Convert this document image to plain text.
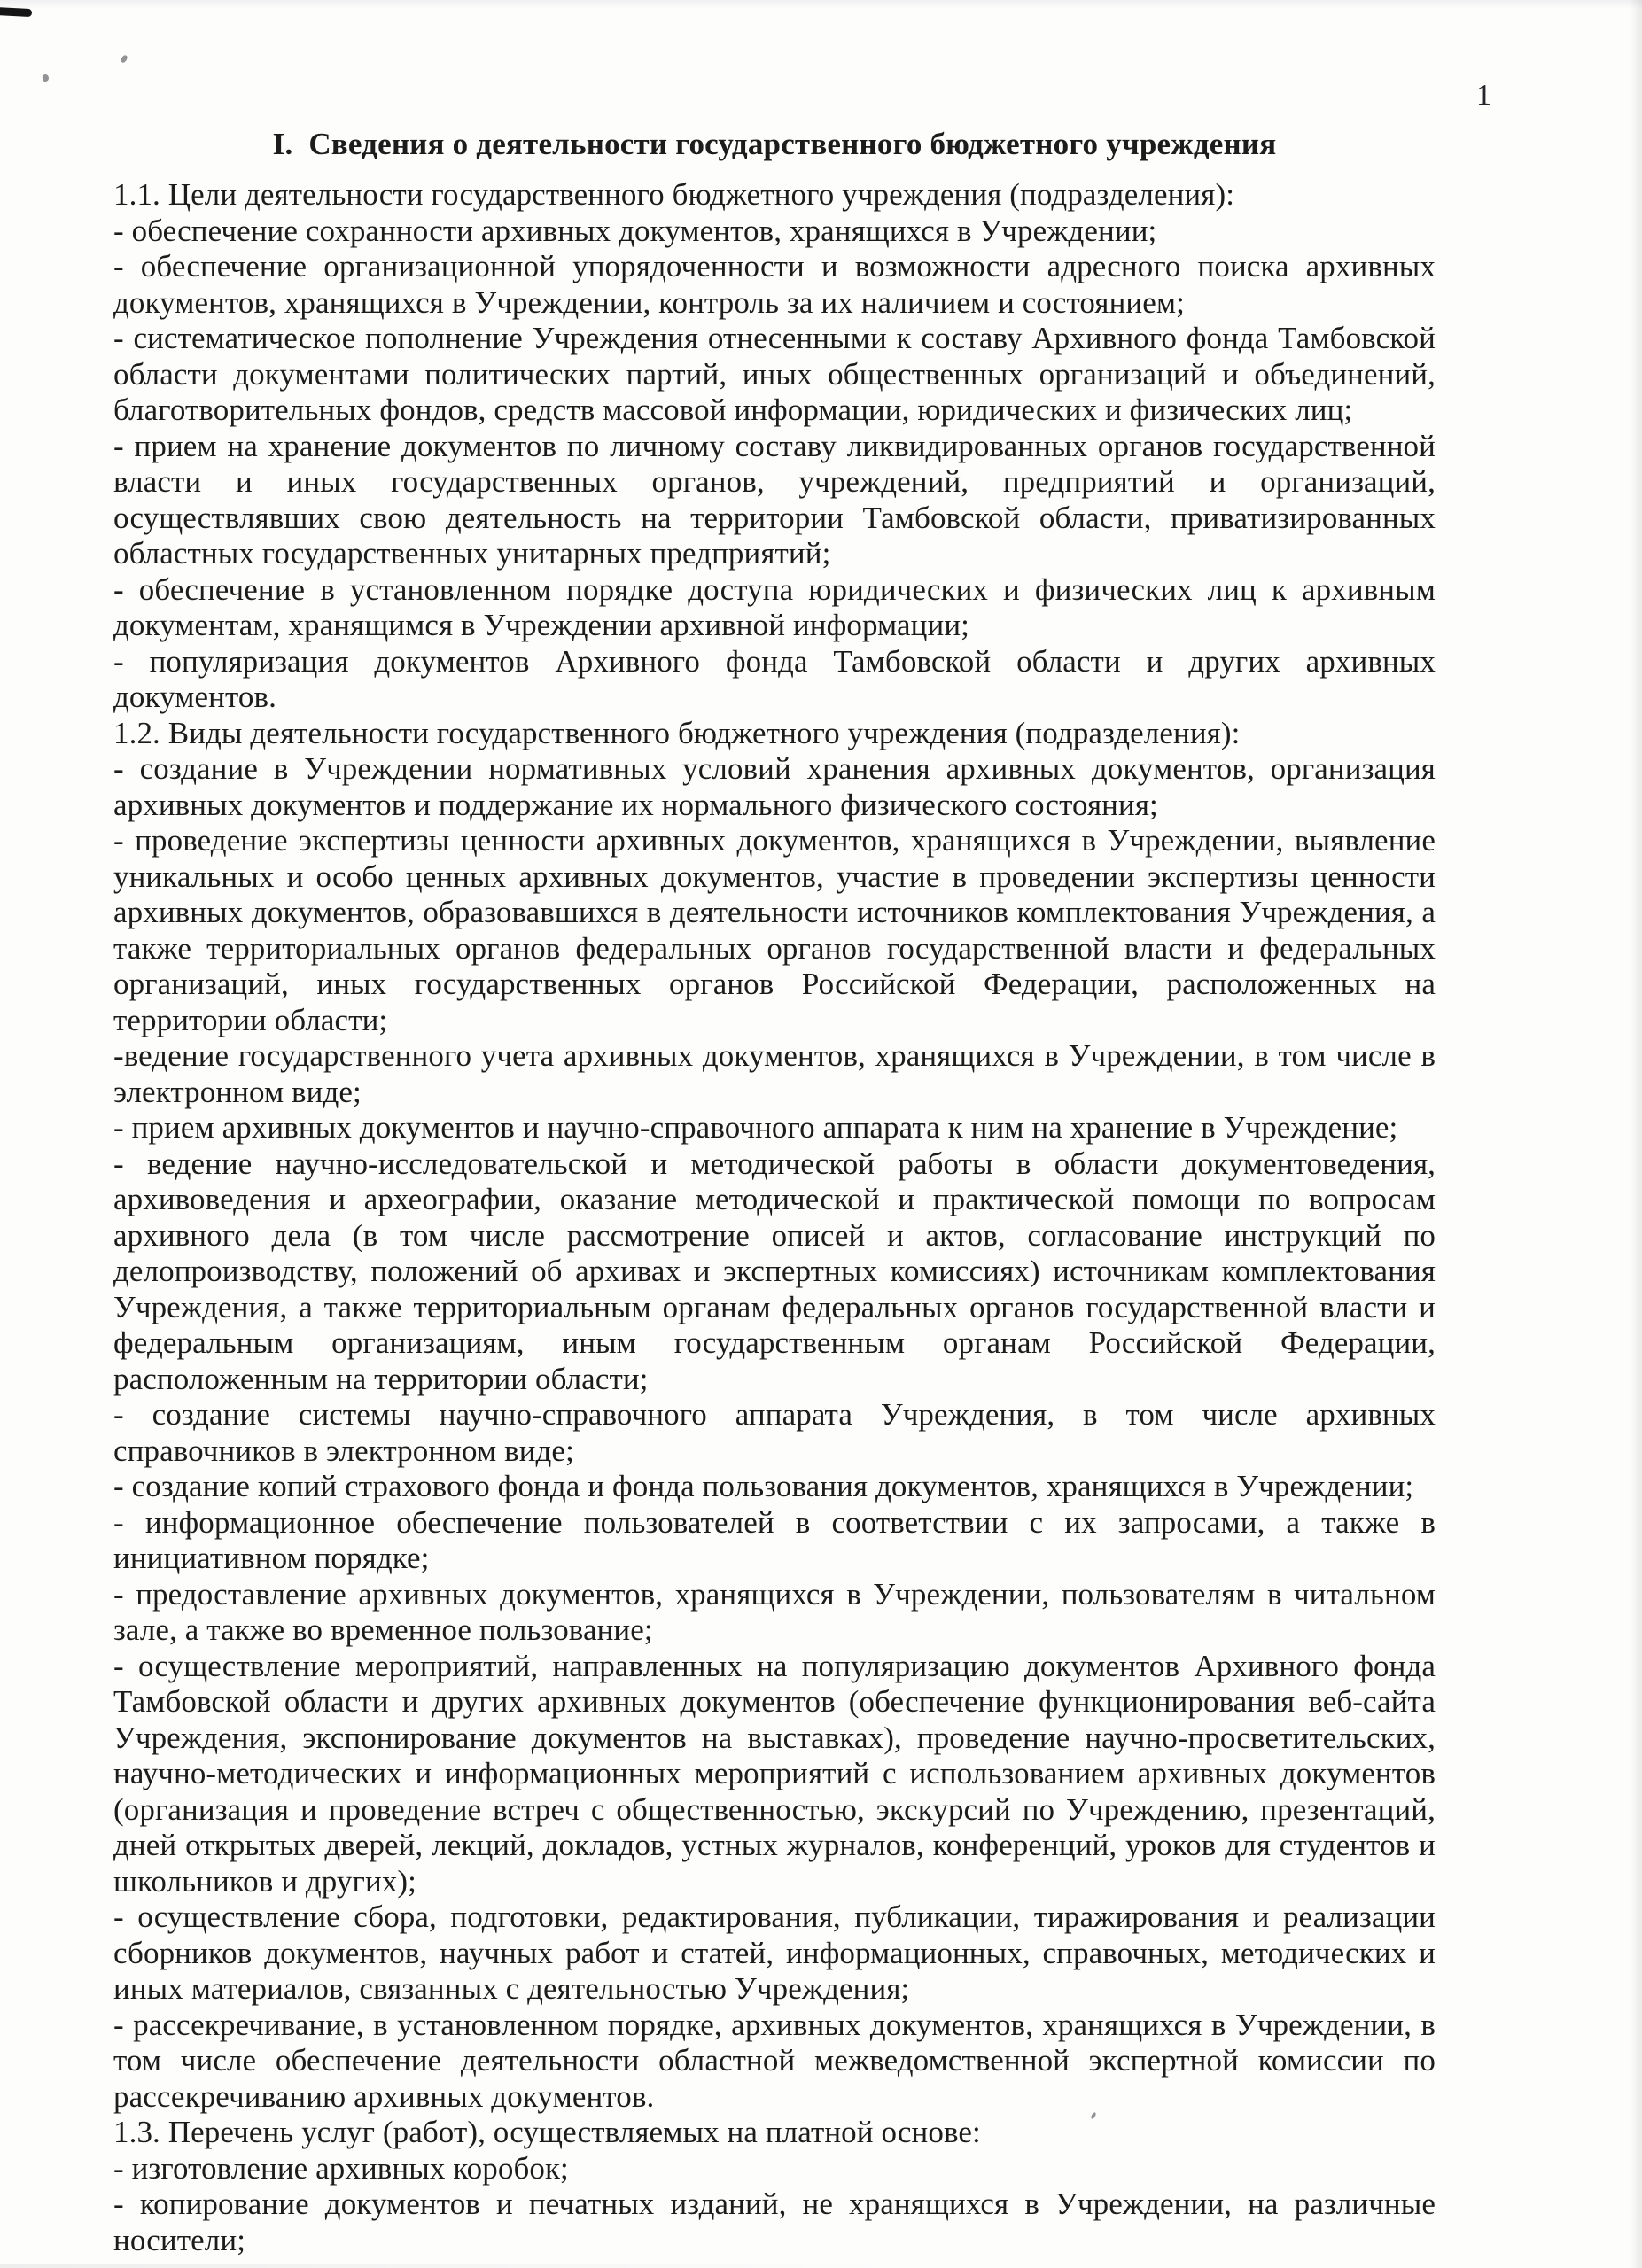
1
I.  Сведения о деятельности государственного бюджетного учреждения

1.1. Цели деятельности государственного бюджетного учреждения (подразделения):

- обеспечение сохранности архивных документов, хранящихся в Учреждении;

- обеспечение организационной упорядоченности и возможности адресного поиска архивных документов, хранящихся в Учреждении, контроль за их наличием и состоянием;

- систематическое пополнение Учреждения отнесенными к составу Архивного фонда Тамбовской области документами политических партий, иных общественных организаций и объединений, благотворительных фондов, средств массовой информации, юридических и физических лиц;

- прием на хранение документов по личному составу ликвидированных органов государственной власти и иных государственных органов, учреждений, предприятий и организаций, осуществлявших свою деятельность на территории Тамбовской области, приватизированных областных государственных унитарных предприятий;

- обеспечение в установленном порядке доступа юридических и физических лиц к архивным документам, хранящимся в Учреждении архивной информации;

- популяризация документов Архивного фонда Тамбовской области и других архивных документов.

1.2. Виды деятельности государственного бюджетного учреждения (подразделения):

- создание в Учреждении нормативных условий хранения архивных документов, организация архивных документов и поддержание их нормального физического состояния;

- проведение экспертизы ценности архивных документов, хранящихся в Учреждении, выявление уникальных и особо ценных архивных документов, участие в проведении экспертизы ценности архивных документов, образовавшихся в деятельности источников комплектования Учреждения, а также территориальных органов федеральных органов государственной власти и федеральных организаций, иных государственных органов Российской Федерации, расположенных на территории области;

-ведение государственного учета архивных документов, хранящихся в Учреждении, в том числе в электронном виде;

- прием архивных документов и научно-справочного аппарата к ним на хранение в Учреждение;

- ведение научно-исследовательской и методической работы в области документоведения, архивоведения и археографии, оказание методической и практической помощи по вопросам архивного дела (в том числе рассмотрение описей и актов, согласование инструкций по делопроизводству, положений об архивах и экспертных комиссиях) источникам комплектования Учреждения, а также территориальным органам федеральных органов государственной власти и федеральным организациям, иным государственным органам Российской Федерации, расположенным на территории области;

- создание системы научно-справочного аппарата Учреждения, в том числе архивных справочников в электронном виде;

- создание копий страхового фонда и фонда пользования документов, хранящихся в Учреждении;

- информационное обеспечение пользователей в соответствии с их запросами, а также в инициативном порядке;

- предоставление архивных документов, хранящихся в Учреждении, пользователям в читальном зале, а также во временное пользование;

- осуществление мероприятий, направленных на популяризацию документов Архивного фонда Тамбовской области и других архивных документов (обеспечение функционирования веб-сайта Учреждения, экспонирование документов на выставках), проведение научно-просветительских, научно-методических и информационных мероприятий с использованием архивных документов (организация и проведение встреч с общественностью, экскурсий по Учреждению, презентаций, дней открытых дверей, лекций, докладов, устных журналов, конференций, уроков для студентов и школьников и других);

- осуществление сбора, подготовки, редактирования, публикации, тиражирования и реализации сборников документов, научных работ и статей, информационных, справочных, методических и иных материалов, связанных с деятельностью Учреждения;

- рассекречивание, в установленном порядке, архивных документов, хранящихся в Учреждении, в том числе обеспечение деятельности областной межведомственной экспертной комиссии по рассекречиванию архивных документов.

1.3. Перечень услуг (работ), осуществляемых на платной основе:

- изготовление архивных коробок;

- копирование документов и печатных изданий, не хранящихся в Учреждении, на различные носители;
